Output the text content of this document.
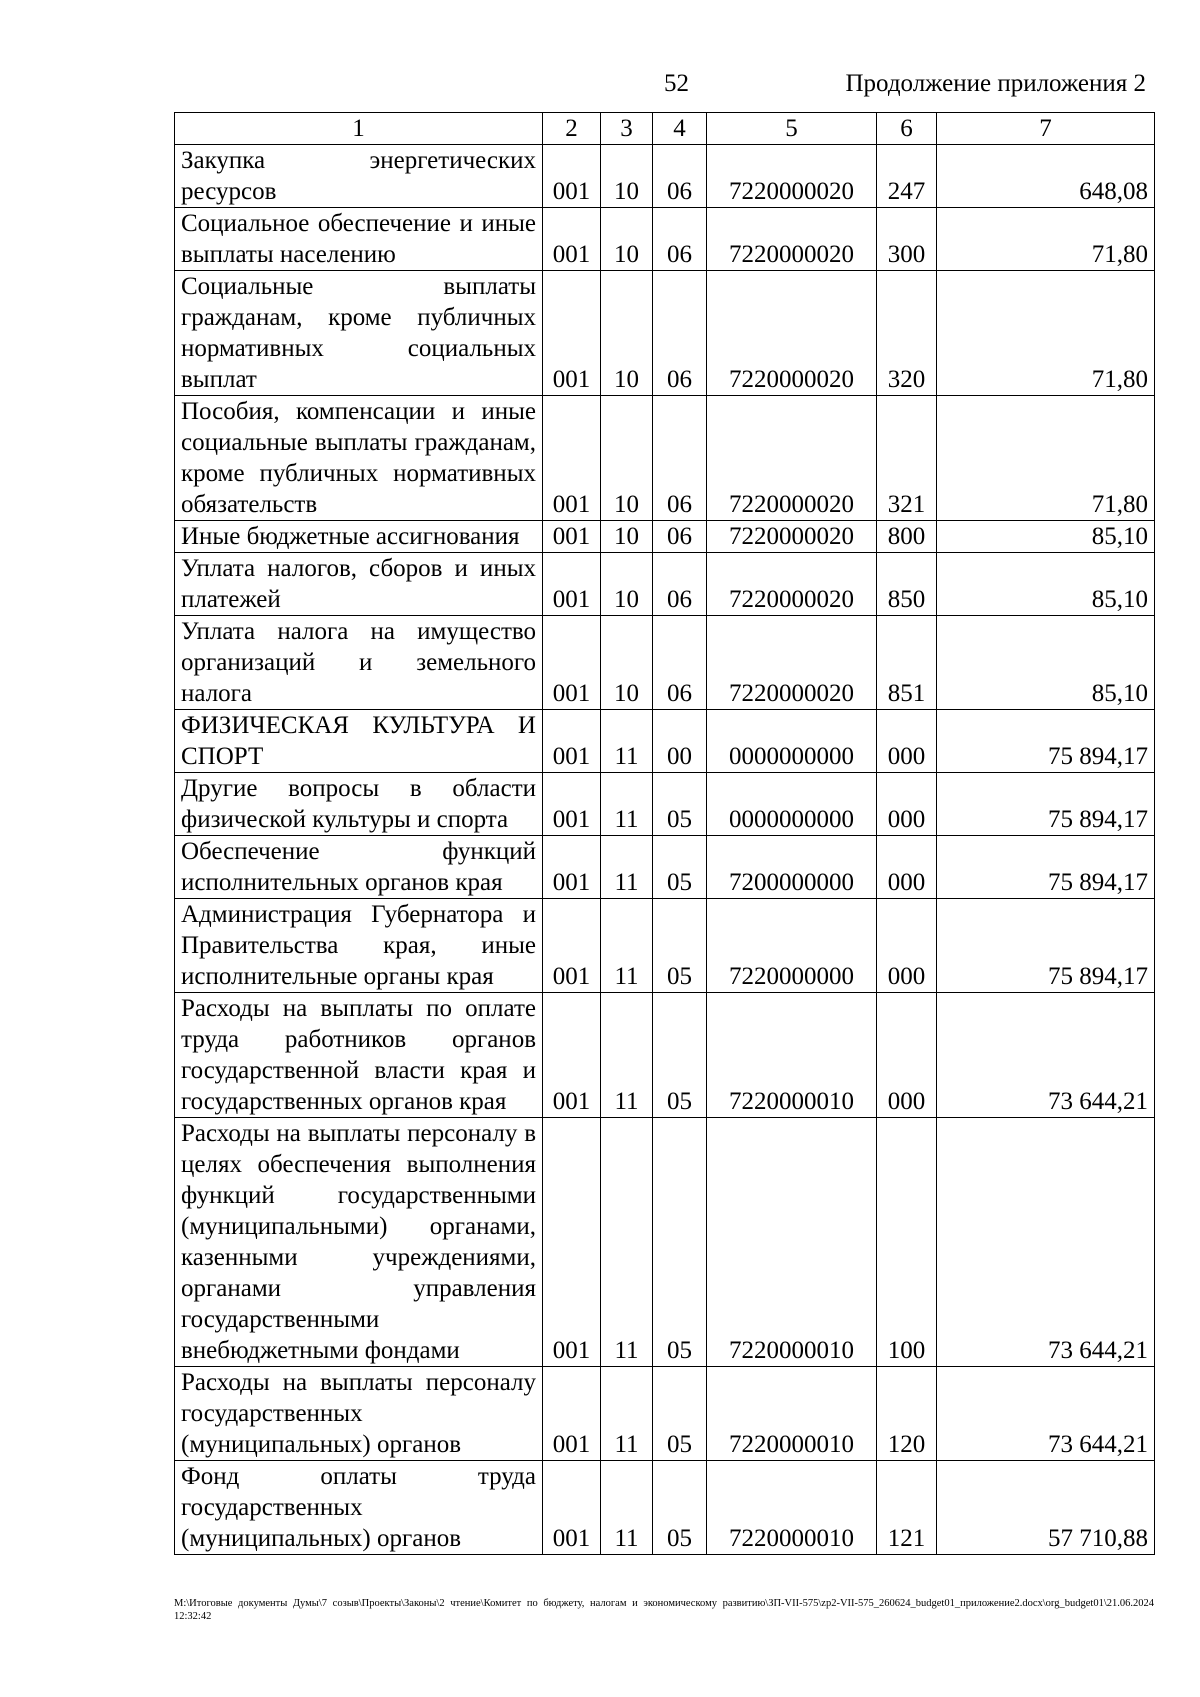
52	Продолжение приложения 2
1	2	3	4	5	6	7
Закупка энергетических ресурсов	001	10	06	7220000020	247	648,08
Социальное обеспечение и иные выплаты населению	001	10	06	7220000020	300	71,80
Социальные выплаты гражданам, кроме публичных нормативных социальных выплат	001	10	06	7220000020	320	71,80
Пособия, компенсации и иные социальные выплаты гражданам, кроме публичных нормативных обязательств	001	10	06	7220000020	321	71,80
Иные бюджетные ассигнования	001	10	06	7220000020	800	85,10
Уплата налогов, сборов и иных платежей	001	10	06	7220000020	850	85,10
Уплата налога на имущество организаций и земельного налога	001	10	06	7220000020	851	85,10
ФИЗИЧЕСКАЯ КУЛЬТУРА И СПОРТ	001	11	00	0000000000	000	75 894,17
Другие вопросы в области физической культуры и спорта	001	11	05	0000000000	000	75 894,17
Обеспечение функций исполнительных органов края	001	11	05	7200000000	000	75 894,17
Администрация Губернатора и Правительства края, иные исполнительные органы края	001	11	05	7220000000	000	75 894,17
Расходы на выплаты по оплате труда работников органов государственной власти края и государственных органов края	001	11	05	7220000010	000	73 644,21
Расходы на выплаты персоналу в целях обеспечения выполнения функций государственными (муниципальными) органами, казенными учреждениями, органами управления государственными внебюджетными фондами	001	11	05	7220000010	100	73 644,21
Расходы на выплаты персоналу государственных (муниципальных) органов	001	11	05	7220000010	120	73 644,21
Фонд оплаты труда государственных (муниципальных) органов	001	11	05	7220000010	121	57 710,88
M:\Итоговые документы Думы\7 созыв\Проекты\Законы\2 чтение\Комитет по бюджету, налогам и экономическому развитию\ЗП-VII-575\zp2-VII-575_260624_budget01_приложение2.docx\org_budget01\21.06.2024 12:32:42
